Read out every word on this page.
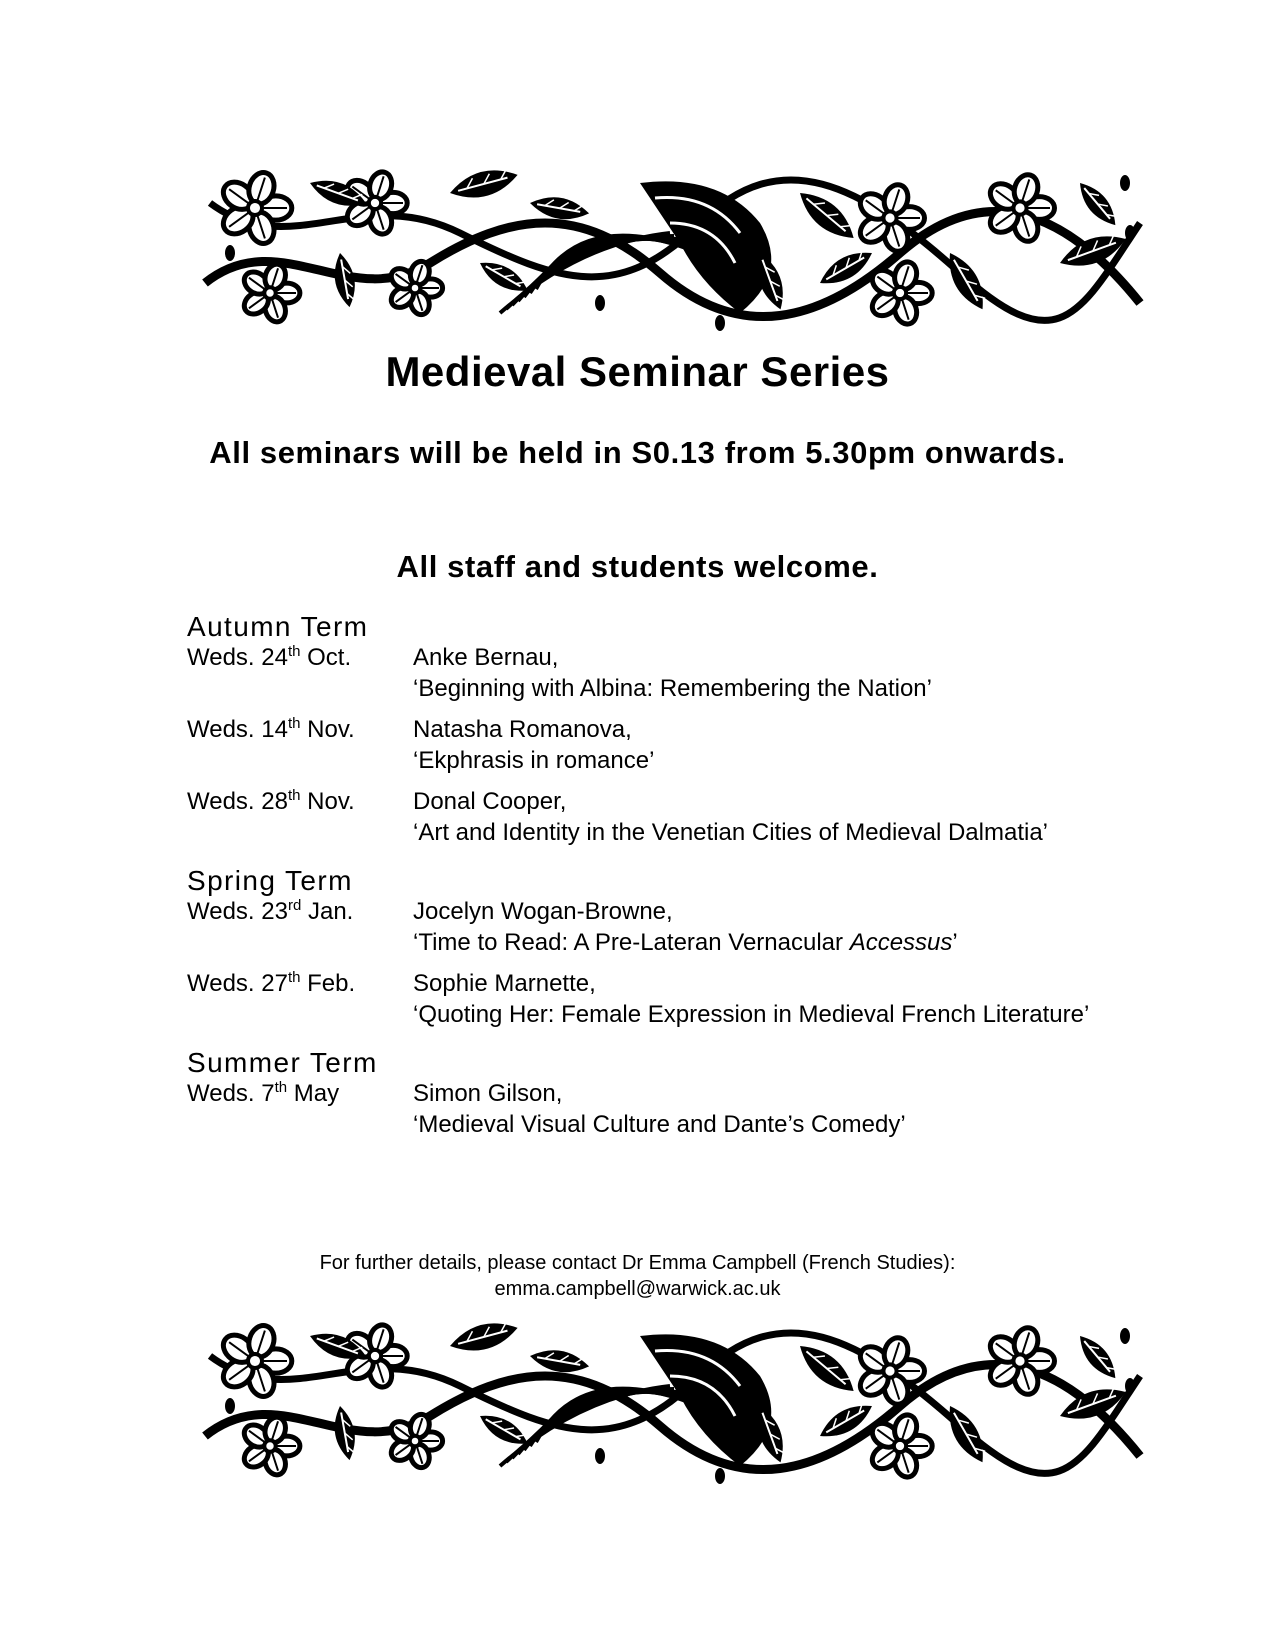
Medieval Seminar Series
All seminars will be held in S0.13 from 5.30pm onwards.
All staff and students welcome.
Autumn Term
Weds. 24th Oct.	Anke Bernau,
‘Beginning with Albina: Remembering the Nation’
Weds. 14th Nov.	Natasha Romanova,
‘Ekphrasis in romance’
Weds. 28th Nov.	Donal Cooper,
‘Art and Identity in the Venetian Cities of Medieval Dalmatia’
Spring Term
Weds. 23rd Jan.	Jocelyn Wogan-Browne,
‘Time to Read: A Pre-Lateran Vernacular Accessus’
Weds. 27th Feb.	Sophie Marnette,
‘Quoting Her: Female Expression in Medieval French Literature’
Summer Term
Weds. 7th May	Simon Gilson,
‘Medieval Visual Culture and Dante’s Comedy’
For further details, please contact Dr Emma Campbell (French Studies):
emma.campbell@warwick.ac.uk
